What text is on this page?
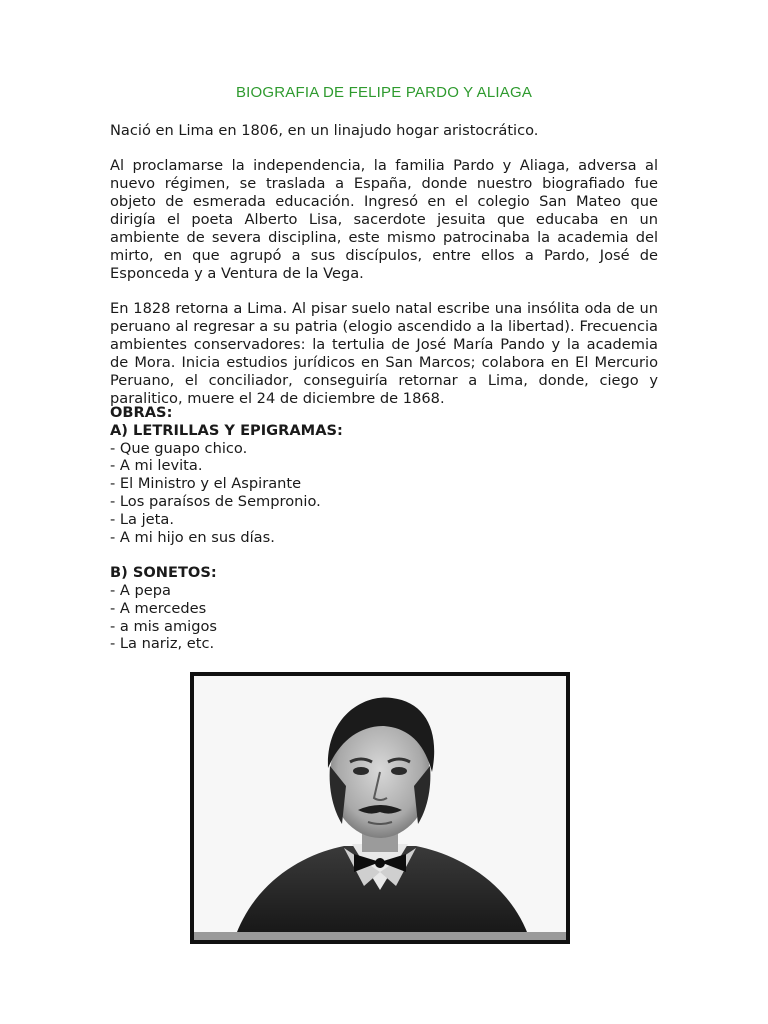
BIOGRAFIA DE FELIPE PARDO Y ALIAGA

Nació en Lima en 1806, en un linajudo hogar aristocrático.

Al proclamarse la independencia, la familia Pardo y Aliaga, adversa al nuevo régimen, se traslada a España, donde nuestro biografiado fue objeto de esmerada educación. Ingresó en el colegio San Mateo que dirigía el poeta Alberto Lisa, sacerdote jesuita que educaba en un ambiente de severa disciplina, este mismo patrocinaba la academia del mirto, en que agrupó a sus discípulos, entre ellos a Pardo, José de Esponceda y a Ventura de la Vega.

En 1828 retorna a Lima. Al pisar suelo natal escribe una insólita oda de un peruano al regresar a su patria (elogio ascendido a la libertad). Frecuencia ambientes conservadores: la tertulia de José María Pando y la academia de Mora. Inicia estudios jurídicos en San Marcos; colabora en El Mercurio Peruano, el conciliador, conseguiría retornar a Lima, donde, ciego y paralitico, muere el 24 de diciembre de 1868.

OBRAS:

A) LETRILLAS Y EPIGRAMAS:

- Que guapo chico.
- A mi levita.
- El Ministro y el Aspirante
- Los paraísos de Sempronio.
- La jeta.
- A mi hijo en sus días.

B) SONETOS:

- A pepa
- A mercedes
- a mis amigos
- La nariz, etc.
